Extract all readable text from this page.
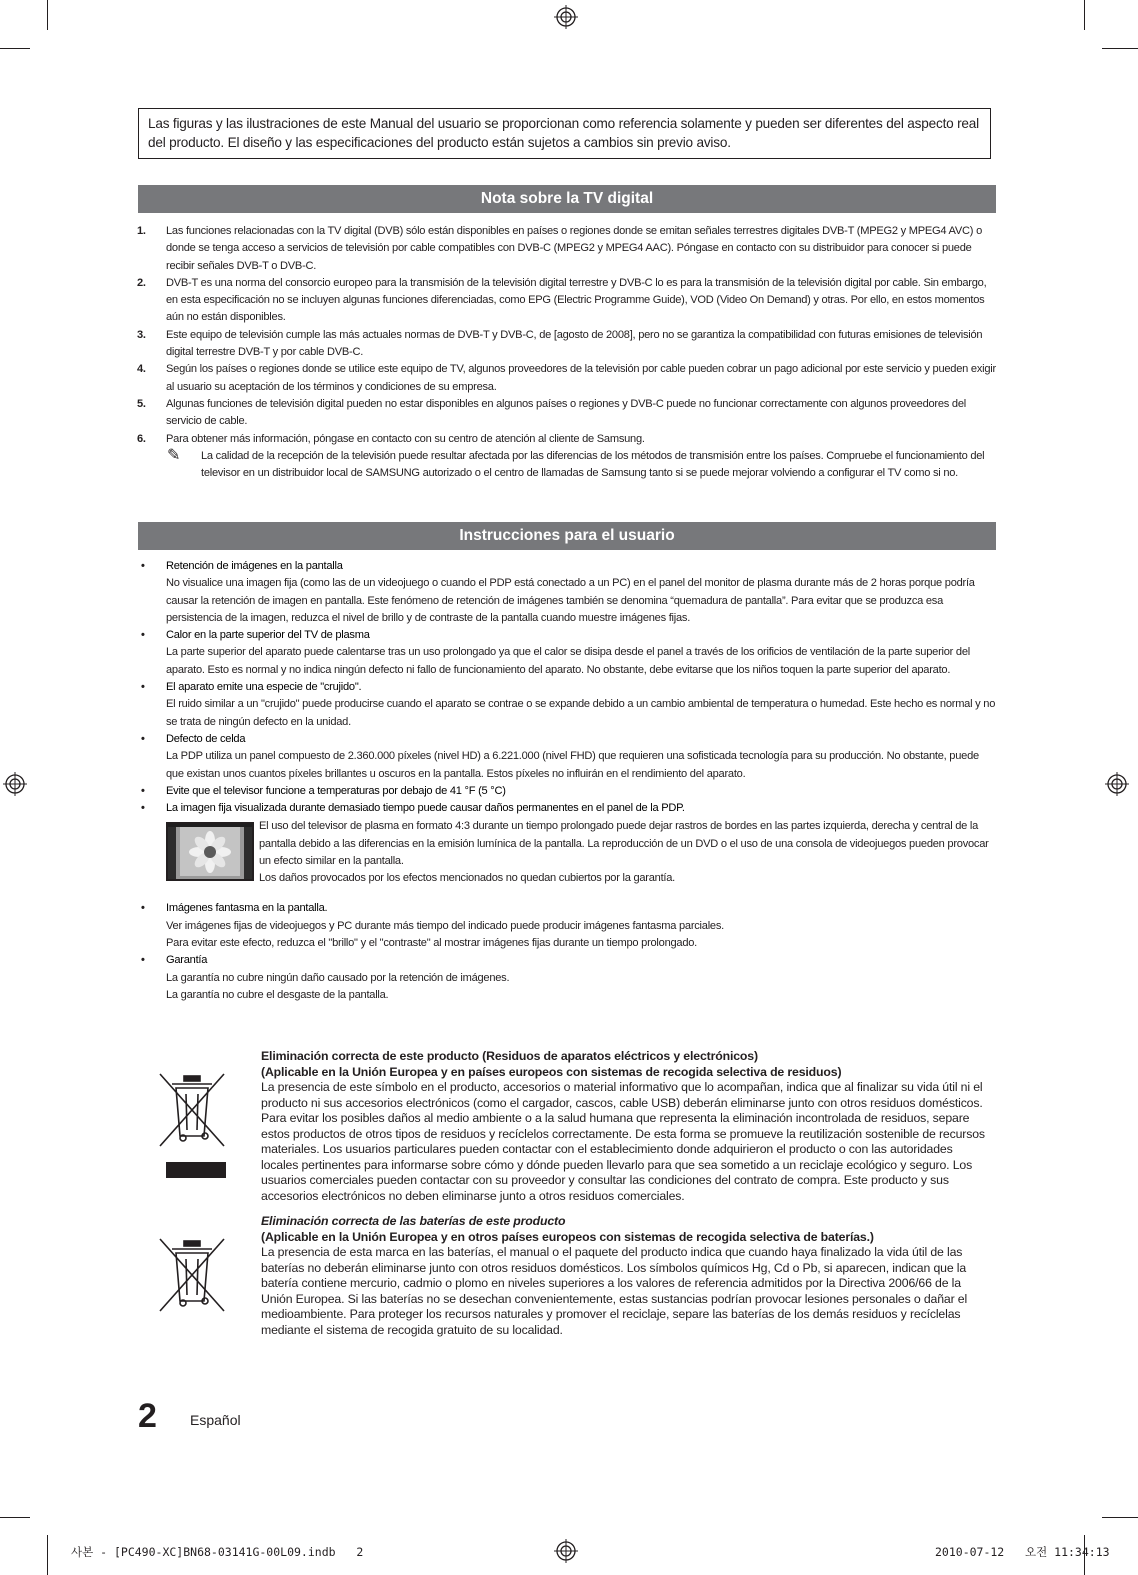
Las figuras y las ilustraciones de este Manual del usuario se proporcionan como referencia solamente y pueden ser diferentes del aspecto real del producto. El diseño y las especificaciones del producto están sujetos a cambios sin previo aviso.
Nota sobre la TV digital
1. Las funciones relacionadas con la TV digital (DVB) sólo están disponibles en países o regiones donde se emitan señales terrestres digitales DVB-T (MPEG2 y MPEG4 AVC) o donde se tenga acceso a servicios de televisión por cable compatibles con DVB-C (MPEG2 y MPEG4 AAC). Póngase en contacto con su distribuidor para conocer si puede recibir señales DVB-T o DVB-C.
2. DVB-T es una norma del consorcio europeo para la transmisión de la televisión digital terrestre y DVB-C lo es para la transmisión de la televisión digital por cable. Sin embargo, en esta especificación no se incluyen algunas funciones diferenciadas, como EPG (Electric Programme Guide), VOD (Video On Demand) y otras. Por ello, en estos momentos aún no están disponibles.
3. Este equipo de televisión cumple las más actuales normas de DVB-T y DVB-C, de [agosto de 2008], pero no se garantiza la compatibilidad con futuras emisiones de televisión digital terrestre DVB-T y por cable DVB-C.
4. Según los países o regiones donde se utilice este equipo de TV, algunos proveedores de la televisión por cable pueden cobrar un pago adicional por este servicio y pueden exigir al usuario su aceptación de los términos y condiciones de su empresa.
5. Algunas funciones de televisión digital pueden no estar disponibles en algunos países o regiones y DVB-C puede no funcionar correctamente con algunos proveedores del servicio de cable.
6. Para obtener más información, póngase en contacto con su centro de atención al cliente de Samsung.
✎ La calidad de la recepción de la televisión puede resultar afectada por las diferencias de los métodos de transmisión entre los países. Compruebe el funcionamiento del televisor en un distribuidor local de SAMSUNG autorizado o el centro de llamadas de Samsung tanto si se puede mejorar volviendo a configurar el TV como si no.
Instrucciones para el usuario
• Retención de imágenes en la pantalla
No visualice una imagen fija (como las de un videojuego o cuando el PDP está conectado a un PC) en el panel del monitor de plasma durante más de 2 horas porque podría causar la retención de imagen en pantalla. Este fenómeno de retención de imágenes también se denomina “quemadura de pantalla”. Para evitar que se produzca esa persistencia de la imagen, reduzca el nivel de brillo y de contraste de la pantalla cuando muestre imágenes fijas.
• Calor en la parte superior del TV de plasma
La parte superior del aparato puede calentarse tras un uso prolongado ya que el calor se disipa desde el panel a través de los orificios de ventilación de la parte superior del aparato. Esto es normal y no indica ningún defecto ni fallo de funcionamiento del aparato. No obstante, debe evitarse que los niños toquen la parte superior del aparato.
• El aparato emite una especie de "crujido".
El ruido similar a un "crujido" puede producirse cuando el aparato se contrae o se expande debido a un cambio ambiental de temperatura o humedad. Este hecho es normal y no se trata de ningún defecto en la unidad.
• Defecto de celda
La PDP utiliza un panel compuesto de 2.360.000 píxeles (nivel HD) a 6.221.000 (nivel FHD) que requieren una sofisticada tecnología para su producción. No obstante, puede que existan unos cuantos píxeles brillantes u oscuros en la pantalla. Estos píxeles no influirán en el rendimiento del aparato.
• Evite que el televisor funcione a temperaturas por debajo de 41 °F (5 °C)
• La imagen fija visualizada durante demasiado tiempo puede causar daños permanentes en el panel de la PDP.
El uso del televisor de plasma en formato 4:3 durante un tiempo prolongado puede dejar rastros de bordes en las partes izquierda, derecha y central de la pantalla debido a las diferencias en la emisión lumínica de la pantalla. La reproducción de un DVD o el uso de una consola de videojuegos pueden provocar un efecto similar en la pantalla.
Los daños provocados por los efectos mencionados no quedan cubiertos por la garantía.
• Imágenes fantasma en la pantalla.
Ver imágenes fijas de videojuegos y PC durante más tiempo del indicado puede producir imágenes fantasma parciales.
Para evitar este efecto, reduzca el "brillo" y el "contraste" al mostrar imágenes fijas durante un tiempo prolongado.
• Garantía
La garantía no cubre ningún daño causado por la retención de imágenes.
La garantía no cubre el desgaste de la pantalla.
Eliminación correcta de este producto (Residuos de aparatos eléctricos y electrónicos)
(Aplicable en la Unión Europea y en países europeos con sistemas de recogida selectiva de residuos)
La presencia de este símbolo en el producto, accesorios o material informativo que lo acompañan, indica que al finalizar su vida útil ni el producto ni sus accesorios electrónicos (como el cargador, cascos, cable USB) deberán eliminarse junto con otros residuos domésticos. Para evitar los posibles daños al medio ambiente o a la salud humana que representa la eliminación incontrolada de residuos, separe estos productos de otros tipos de residuos y recíclelos correctamente. De esta forma se promueve la reutilización sostenible de recursos materiales. Los usuarios particulares pueden contactar con el establecimiento donde adquirieron el producto o con las autoridades locales pertinentes para informarse sobre cómo y dónde pueden llevarlo para que sea sometido a un reciclaje ecológico y seguro. Los usuarios comerciales pueden contactar con su proveedor y consultar las condiciones del contrato de compra. Este producto y sus accesorios electrónicos no deben eliminarse junto a otros residuos comerciales.
Eliminación correcta de las baterías de este producto
(Aplicable en la Unión Europea y en otros países europeos con sistemas de recogida selectiva de baterías.)
La presencia de esta marca en las baterías, el manual o el paquete del producto indica que cuando haya finalizado la vida útil de las baterías no deberán eliminarse junto con otros residuos domésticos. Los símbolos químicos Hg, Cd o Pb, si aparecen, indican que la batería contiene mercurio, cadmio o plomo en niveles superiores a los valores de referencia admitidos por la Directiva 2006/66 de la Unión Europea. Si las baterías no se desechan convenientemente, estas sustancias podrían provocar lesiones personales o dañar el medioambiente. Para proteger los recursos naturales y promover el reciclaje, separe las baterías de los demás residuos y recíclelas mediante el sistema de recogida gratuito de su localidad.
2 Español
사본 - [PC490-XC]BN68-03141G-00L09.indb   2	2010-07-12   오전 11:34:13
